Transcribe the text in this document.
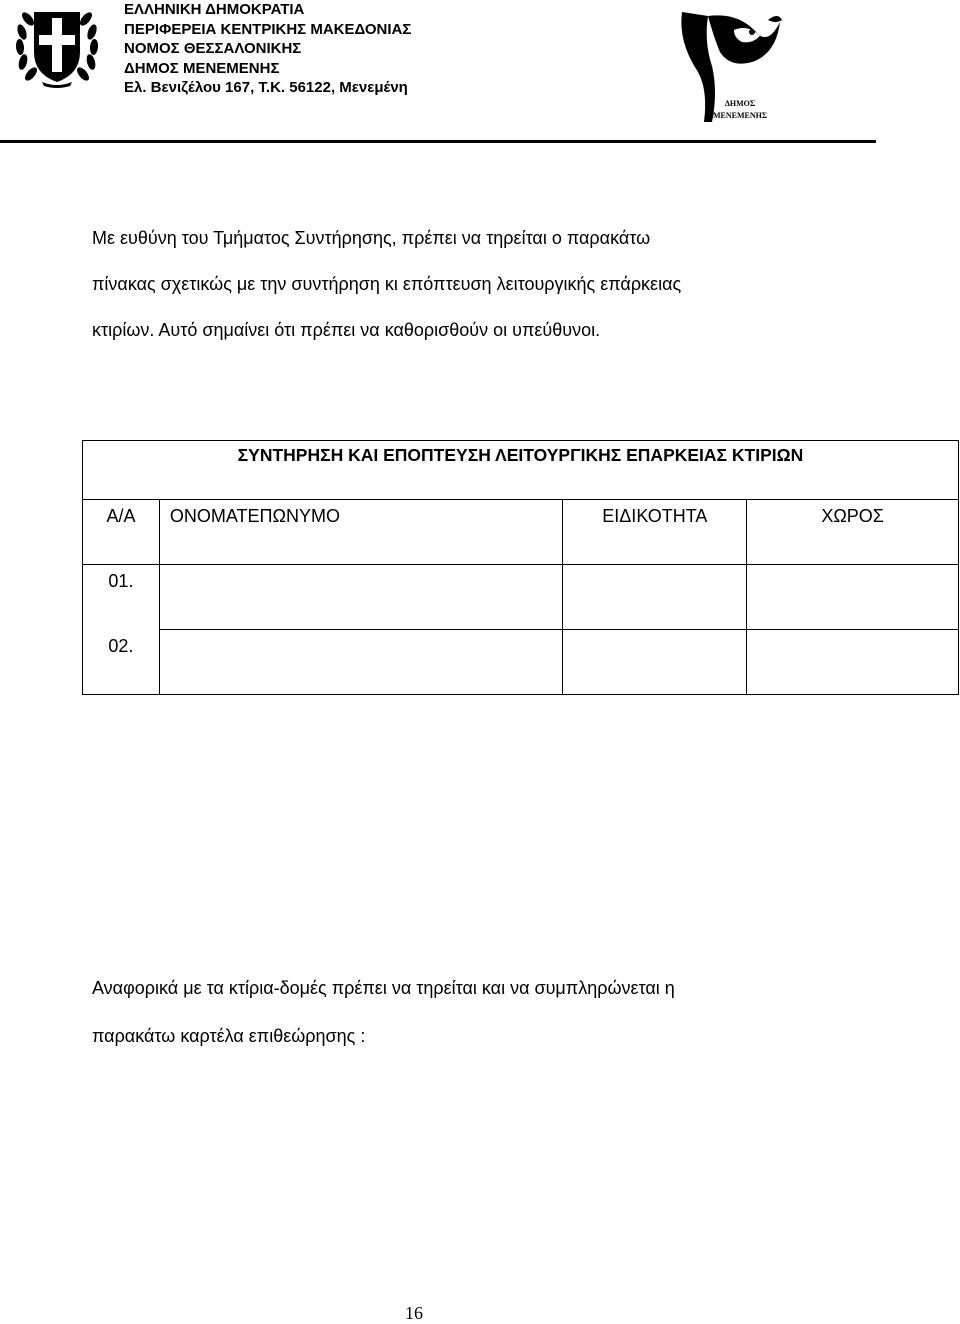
ΕΛΛΗΝΙΚΗ ΔΗΜΟΚΡΑΤΙΑ
ΠΕΡΙΦΕΡΕΙΑ ΚΕΝΤΡΙΚΗΣ ΜΑΚΕΔΟΝΙΑΣ
ΝΟΜΟΣ ΘΕΣΣΑΛΟΝΙΚΗΣ
ΔΗΜΟΣ ΜΕΝΕΜΕΝΗΣ
Ελ. Βενιζέλου 167, Τ.Κ. 56122, Μενεμένη
ΔΗΜΟΣ
ΜΕΝΕΜΕΝΗΣ
Με ευθύνη του Τμήματος Συντήρησης, πρέπει να τηρείται ο παρακάτω
πίνακας σχετικώς με την συντήρηση κι επόπτευση λειτουργικής επάρκειας
κτιρίων. Αυτό σημαίνει ότι πρέπει να καθορισθούν οι υπεύθυνοι.
ΣΥΝΤΗΡΗΣΗ ΚΑΙ ΕΠΟΠΤΕΥΣΗ ΛΕΙΤΟΥΡΓΙΚΗΣ ΕΠΑΡΚΕΙΑΣ ΚΤΙΡΙΩΝ			
Α/Α	ΟΝΟΜΑΤΕΠΩΝΥΜΟ	ΕΙΔΙΚΟΤΗΤΑ	ΧΩΡΟΣ
01.			
02.			
Αναφορικά με τα κτίρια-δομές πρέπει να τηρείται και να συμπληρώνεται η
παρακάτω καρτέλα επιθεώρησης :
16
